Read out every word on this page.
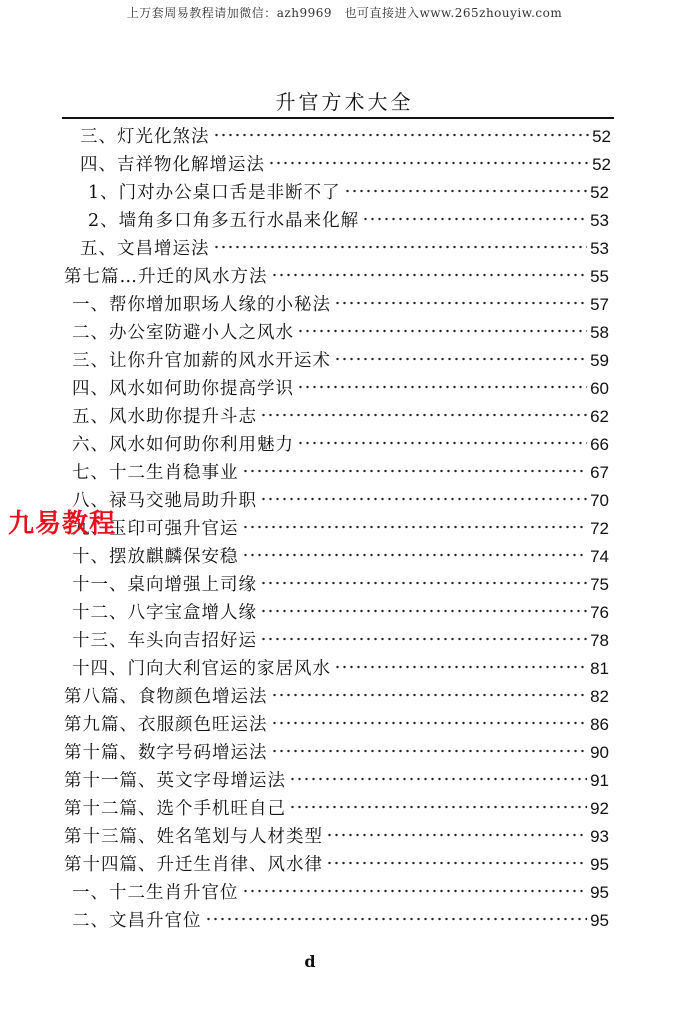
上万套周易教程请加微信：azh9969　也可直接进入www.265zhouyiw.com
升官方术大全
三、灯光化煞法	52
四、吉祥物化解增运法	52
1、门对办公桌口舌是非断不了	52
2、墙角多口角多五行水晶来化解	53
五、文昌增运法	53
第七篇…升迁的风水方法	55
一、帮你增加职场人缘的小秘法	57
二、办公室防避小人之风水	58
三、让你升官加薪的风水开运术	59
四、风水如何助你提高学识	60
五、风水助你提升斗志	62
六、风水如何助你利用魅力	66
七、十二生肖稳事业	67
八、禄马交驰局助升职	70
九、玉印可强升官运	72
十、摆放麒麟保安稳	74
十一、桌向增强上司缘	75
十二、八字宝盒增人缘	76
十三、车头向吉招好运	78
十四、门向大利官运的家居风水	81
第八篇、食物颜色增运法	82
第九篇、衣服颜色旺运法	86
第十篇、数字号码增运法	90
第十一篇、英文字母增运法	91
第十二篇、选个手机旺自己	92
第十三篇、姓名笔划与人材类型	93
第十四篇、升迁生肖律、风水律	95
一、十二生肖升官位	95
二、文昌升官位	95
九易教程
d
